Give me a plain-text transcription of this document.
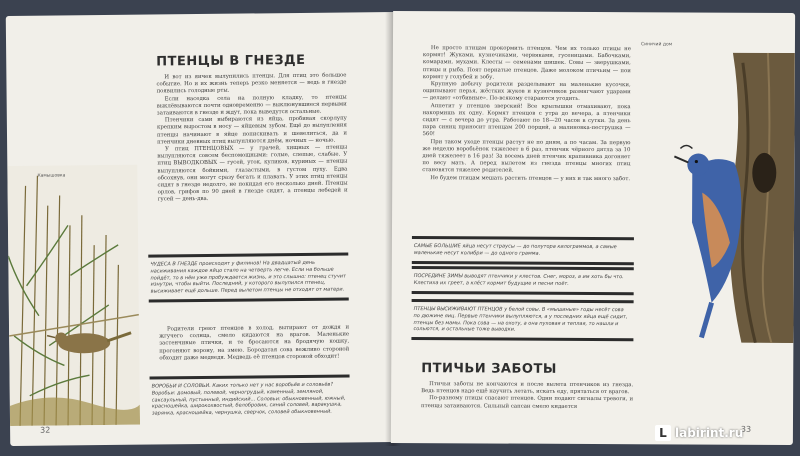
Камышовка
ПТЕНЦЫ В ГНЕЗДЕ

И вот из яичек вылупились птенцы. Для птиц это большое событие. Но и их жизнь теперь резко меняется — ведь в гнезде появились голодные рты.

Если наседка села на полную кладку, то птенцы выклёвываются почти одновременно — выклюнувшиеся первыми затаиваются в гнезде и ждут, пока выведутся остальные.

Птенчики сами выбираются из яйца, пробивая скорлупу крепким выростом в носу — яйцевым зубом. Ещё до вылупления птенцы начинают в яйце попискивать и шевелиться, да и птенчики дневных птиц вылупляются днём, ночных — ночью.

У птиц ПТЕНЦОВЫХ — у грачей, хищных — птенцы вылупляются совсем беспомощными: голые, слепые, слабые. У птиц ВЫВОДКОВЫХ — гусей, уток, куликов, куриных — птенцы вылупляются бойкими, глазастыми, в густом пуху. Едва обсохнув, они могут сразу бегать и плавать. У этих птиц птенцы сидят в гнезде недолго, не покидая его несколько дней. Птенцы орлов, грифов по 90 дней в гнезде сидят, а птенцы лебедей и гусей — день-два.

ЧУДЕСА В ГНЕЗДЕ происходят у филинов! На двадцатый день насиживания каждое яйцо стало на четверть легче. Если на больше пойдёт, то в нём уже пробуждается жизнь, и это слышно: птенец стучит изнутри, чтобы выйти. Последний, у которого вылупился птенец, высиживает ещё дольше. Перед вылетом птенцы не отходят от матери.

Родители греют птенцов в холод, вытирают от дождя и жгучего солнца, смело кидаются на врагов. Маленькие застенчивые птички, и те бросаются на бродячую кошку, прогоняют ворону, на змею. Бородатая сова вежливо стороной обходит даже медведя. Медведь её птенцов стороной обходит!

ВОРОБЬИ И СОЛОВЬИ. Каких только нет у нас воробьёв и соловьёв? Воробьи: домовый, полевой, черногрудый, каменный, земляной, саксаульный, пустынный, индийский... Соловьи: обыкновенный, южный, красношейка, широкохвостый, белобровик, синий соловей, варакушка, зарянка, красношейка, чернушка, сверчок, соловей обыкновенный.
32

Не просто птицам прокормить птенцов. Чем их только птицы не кормят! Жуками, кузнечиками, червяками, гусеницами. Бабочками, комарами, мухами. Клесты — семенами шишек. Совы — зверушками, птицы и рыба. Поят пернатые птенцов. Даже молоком птичьим — пои кормят у голубей и зобу.

Крупную добычу родители разделывают на маленькие кусочки, ощипывают перья, жёстких жуков и кузнечиков размягчают ударами — делают «отбивные». По-всякому стараются угодить.

Аппетит у птенцов зверский! Все крылышки отмахивают, пока накормишь их одну. Кормят птенцов с утра до вечера, а птенчики сидят — с вечера до утра. Работают по 18—20 часов в сутки. За день пара синиц приносит птенцам 200 порций, а малиновка-пеструшка — 560!

При таком уходе птенцы растут не по дням, а по часам. За первую же неделю воробьёнок тяжелеет в 6 раз, птенчик чёрного дятла за 10 дней тяжелеет в 16 раз! За восемь дней птенчик крапивника догоняет по весу мать. А перед вылетом из гнезда птенцы многих птиц становятся тяжелее родителей.

Не будем птицам мешать растить птенцов — у них и так много забот.

САМЫЕ БОЛЬШИЕ яйца несут страусы — до полутора килограммов, а самые маленькие несут колибри — до одного грамма.
ПОСРЕДИНЕ ЗИМЫ выводят птенчики у клестов. Снег, мороз, а им хоть бы что. Клестиха их греет, а клёст кормит будущие и песни поёт.
ПТЕНЦЫ ВЫСИЖИВАЮТ ПТЕНЦОВ у белой совы. В «мышиные» годы несёт сова по дюжине яиц. Первые птенчики вылупляются, а у последних яйца ещё сидит, птенцы без мамы. Пока сова — на охоту, а она пуховая и теплая, то нашли и сольются, и остальные тоже выводки.
ПТИЧЬИ ЗАБОТЫ

Птичьи заботы не кончаются и после вылета птенчиков из гнезда. Ведь птенцов надо ещё научить летать, искать еду, прятаться от врагов.

По-разному птицы спасают птенцов. Одни подают сигналы тревоги, и птенцы затаиваются. Сильный сапсан смело кидается

Синичий дом
33
L labirint.ru
